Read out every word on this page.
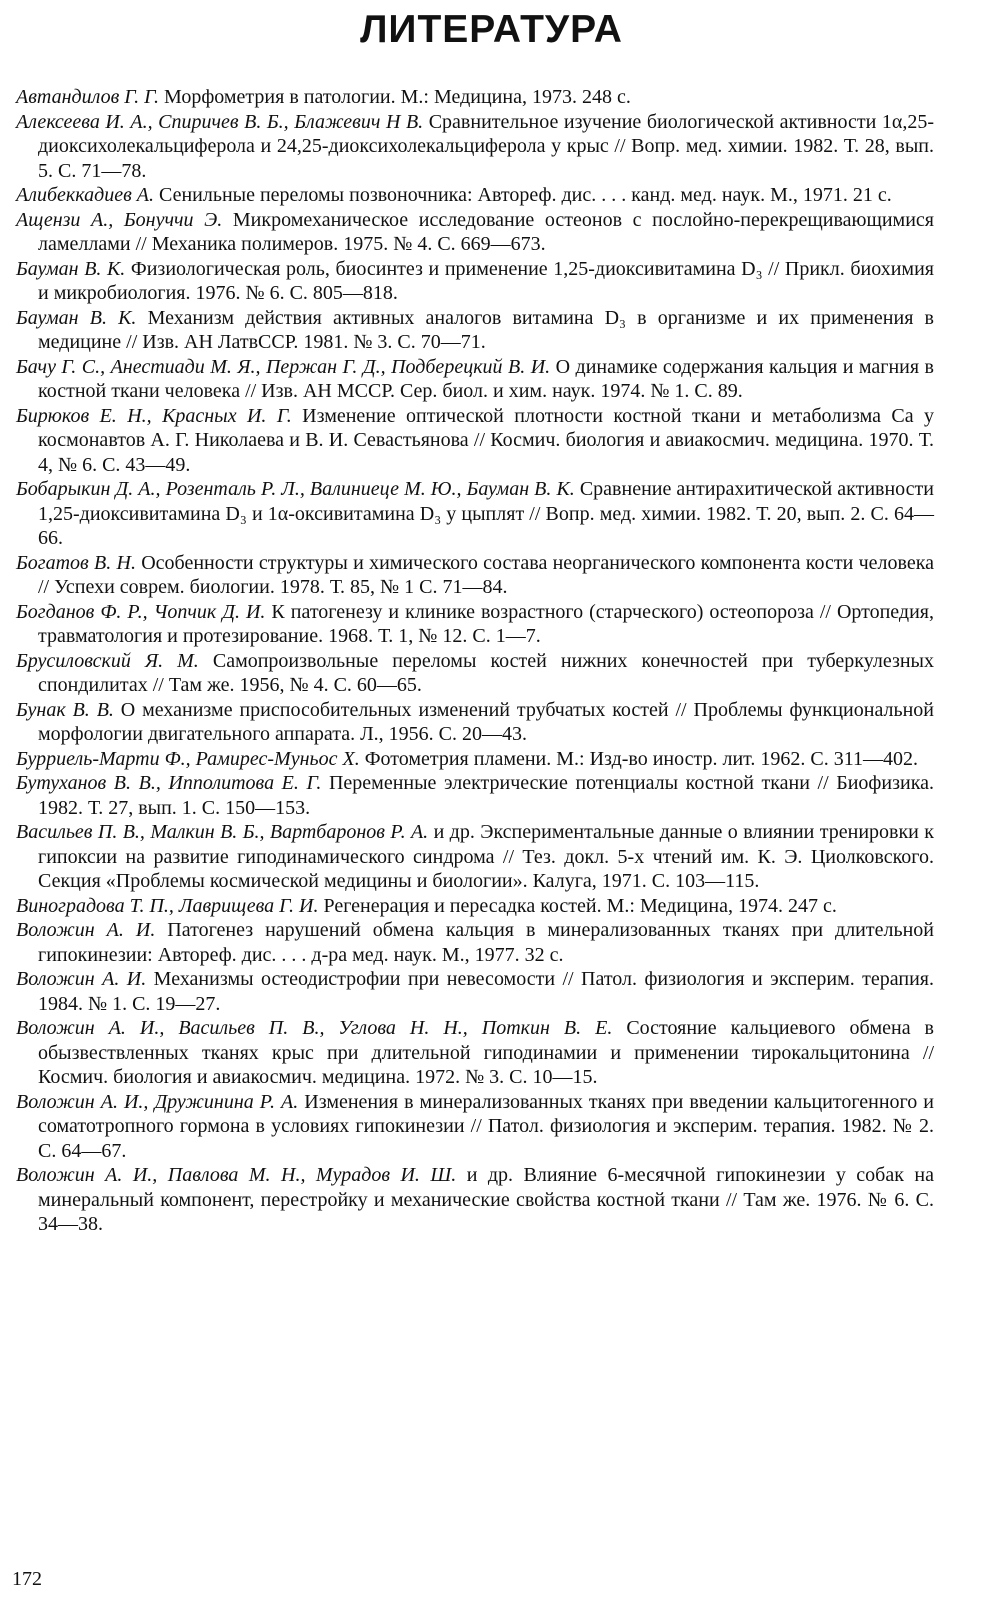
ЛИТЕРАТУРА
Автандилов Г. Г. Морфометрия в патологии. М.: Медицина, 1973. 248 с.
Алексеева И. А., Спиричев В. Б., Блажевич Н В. Сравнительное изучение биологической активности 1α,25-диоксихолекальциферола и 24,25-диоксихолекальциферола у крыс // Вопр. мед. химии. 1982. Т. 28, вып. 5. С. 71—78.
Алибеккадиев А. Сенильные переломы позвоночника: Автореф. дис. . . . канд. мед. наук. М., 1971. 21 с.
Ащензи А., Бонуччи Э. Микромеханическое исследование остеонов с послойно-перекрещивающимися ламеллами // Механика полимеров. 1975. № 4. С. 669—673.
Бауман В. К. Физиологическая роль, биосинтез и применение 1,25-диоксивитамина D₃ // Прикл. биохимия и микробиология. 1976. № 6. С. 805—818.
Бауман В. К. Механизм действия активных аналогов витамина D₃ в организме и их применения в медицине // Изв. АН ЛатвССР. 1981. № 3. С. 70—71.
Бачу Г. С., Анестиади М. Я., Пержан Г. Д., Подберецкий В. И. О динамике содержания кальция и магния в костной ткани человека // Изв. АН МССР. Сер. биол. и хим. наук. 1974. № 1. С. 89.
Бирюков Е. Н., Красных И. Г. Изменение оптической плотности костной ткани и метаболизма Са у космонавтов А. Г. Николаева и В. И. Севастьянова // Космич. биология и авиакосмич. медицина. 1970. Т. 4, № 6. С. 43—49.
Бобарыкин Д. А., Розенталь Р. Л., Валиниеце М. Ю., Бауман В. К. Сравнение антирахитической активности 1,25-диоксивитамина D₃ и 1α-оксивитамина D₃ у цыплят // Вопр. мед. химии. 1982. Т. 20, вып. 2. С. 64—66.
Богатов В. Н. Особенности структуры и химического состава неорганического компонента кости человека // Успехи соврем. биологии. 1978. Т. 85, № 1 С. 71—84.
Богданов Ф. Р., Чопчик Д. И. К патогенезу и клинике возрастного (старческого) остеопороза // Ортопедия, травматология и протезирование. 1968. Т. 1, № 12. С. 1—7.
Брусиловский Я. М. Самопроизвольные переломы костей нижних конечностей при туберкулезных спондилитах // Там же. 1956, № 4. С. 60—65.
Бунак В. В. О механизме приспособительных изменений трубчатых костей // Проблемы функциональной морфологии двигательного аппарата. Л., 1956. С. 20—43.
Бурриель-Марти Ф., Рамирес-Муньос Х. Фотометрия пламени. М.: Изд-во иностр. лит. 1962. С. 311—402.
Бутуханов В. В., Ипполитова Е. Г. Переменные электрические потенциалы костной ткани // Биофизика. 1982. Т. 27, вып. 1. С. 150—153.
Васильев П. В., Малкин В. Б., Вартбаронов Р. А. и др. Экспериментальные данные о влиянии тренировки к гипоксии на развитие гиподинамического синдрома // Тез. докл. 5-х чтений им. К. Э. Циолковского. Секция «Проблемы космической медицины и биологии». Калуга, 1971. С. 103—115.
Виноградова Т. П., Лаврищева Г. И. Регенерация и пересадка костей. М.: Медицина, 1974. 247 с.
Воложин А. И. Патогенез нарушений обмена кальция в минерализованных тканях при длительной гипокинезии: Автореф. дис. . . . д-ра мед. наук. М., 1977. 32 с.
Воложин А. И. Механизмы остеодистрофии при невесомости // Патол. физиология и эксперим. терапия. 1984. № 1. С. 19—27.
Воложин А. И., Васильев П. В., Углова Н. Н., Поткин В. Е. Состояние кальциевого обмена в обызвествленных тканях крыс при длительной гиподинамии и применении тирокальцитонина // Космич. биология и авиакосмич. медицина. 1972. № 3. С. 10—15.
Воложин А. И., Дружинина Р. А. Изменения в минерализованных тканях при введении кальцитогенного и соматотропного гормона в условиях гипокинезии // Патол. физиология и эксперим. терапия. 1982. № 2. С. 64—67.
Воложин А. И., Павлова М. Н., Мурадов И. Ш. и др. Влияние 6-месячной гипокинезии у собак на минеральный компонент, перестройку и механические свойства костной ткани // Там же. 1976. № 6. С. 34—38.
172
